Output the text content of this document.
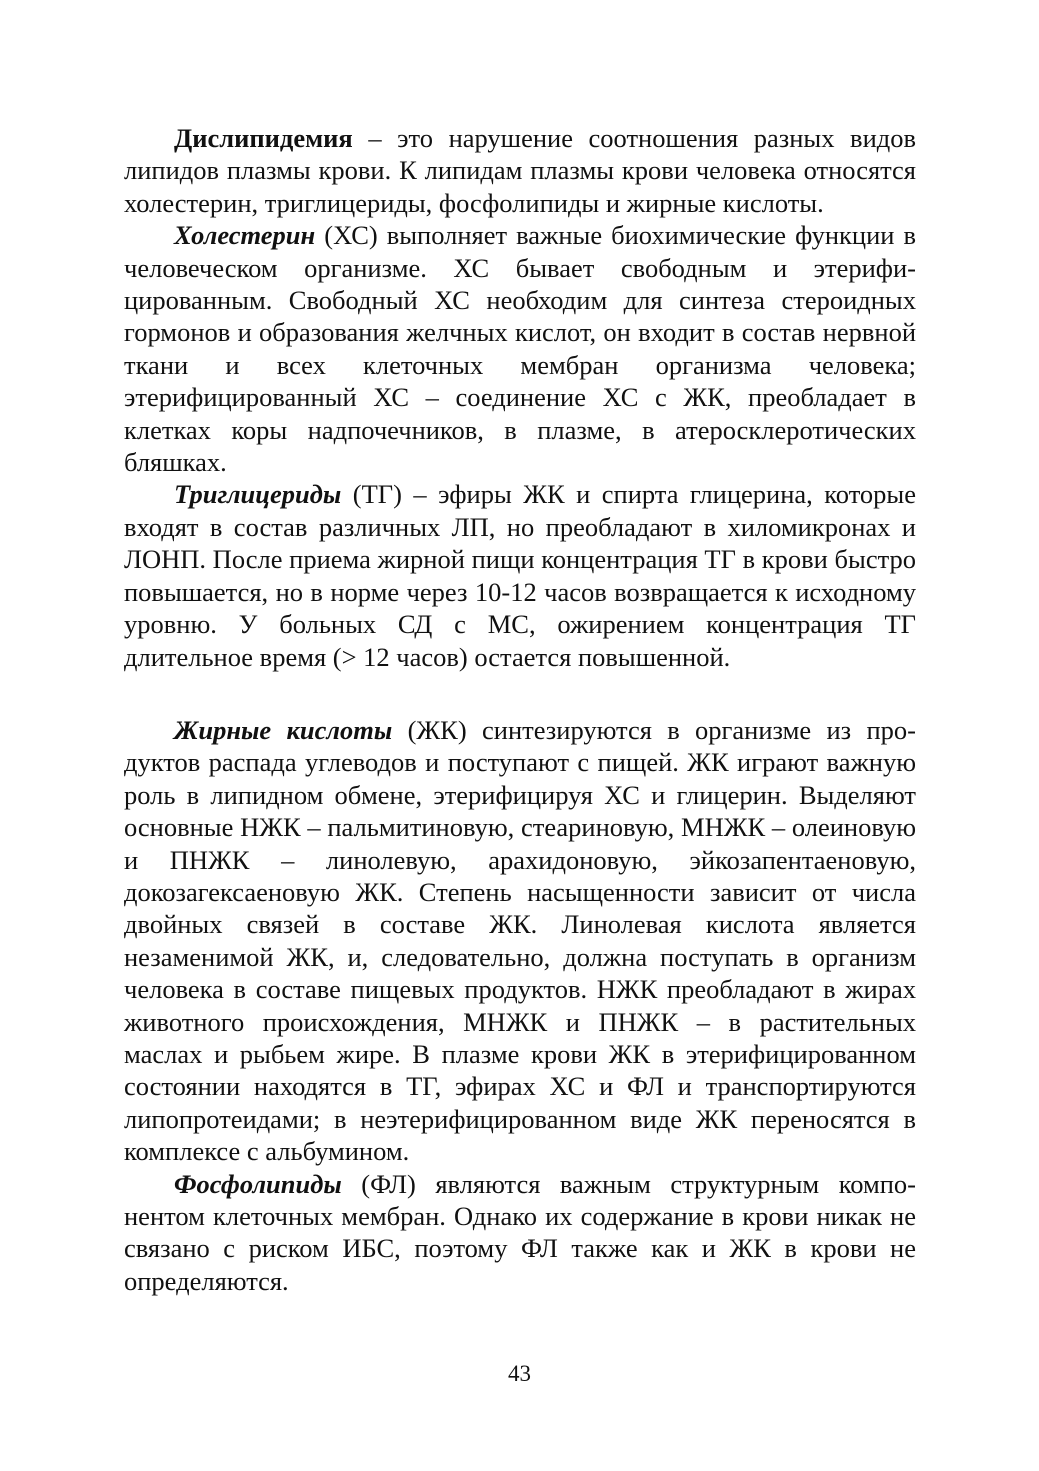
Дислипидемия – это нарушение соотношения разных видов липидов плазмы крови. К липидам плазмы крови человека относятся холестерин, триглицериды, фосфолипиды и жирные кислоты.

Холестерин (ХС) выполняет важные биохимические функции в человеческом организме. ХС бывает свободным и этерифицированным. Свободный ХС необходим для синтеза стероидных гормонов и образования желчных кислот, он входит в состав нервной ткани и всех клеточных мембран организма человека; этерифицированный ХС – соединение ХС с ЖК, преобладает в клетках коры надпочечников, в плазме, в атеросклеротических бляшках.

Триглицериды (ТГ) – эфиры ЖК и спирта глицерина, которые входят в состав различных ЛП, но преобладают в хиломикронах и ЛОНП. После приема жирной пищи концентрация ТГ в крови быстро повышается, но в норме через 10-12 часов возвращается к исходному уровню. У больных СД с МС, ожирением концентрация ТГ длительное время (> 12 часов) остается повышенной.

Жирные кислоты (ЖК) синтезируются в организме из продуктов распада углеводов и поступают с пищей. ЖК играют важную роль в липидном обмене, этерифицируя ХС и глицерин. Выделяют основные НЖК – пальмитиновую, стеариновую, МНЖК – олеиновую и ПНЖК – линолевую, арахидоновую, эйкозапентаеновую, докозагексаеновую ЖК. Степень насыщенности зависит от числа двойных связей в составе ЖК. Линолевая кислота является незаменимой ЖК, и, следовательно, должна поступать в организм человека в составе пищевых продуктов. НЖК преобладают в жирах животного происхождения, МНЖК и ПНЖК – в растительных маслах и рыбьем жире. В плазме крови ЖК в этерифицированном состоянии находятся в ТГ, эфирах ХС и ФЛ и транспортируются липопротеидами; в неэтерифицированном виде ЖК переносятся в комплексе с альбумином.

Фосфолипиды (ФЛ) являются важным структурным компонентом клеточных мембран. Однако их содержание в крови никак не связано с риском ИБС, поэтому ФЛ также как и ЖК в крови не определяются.

43
